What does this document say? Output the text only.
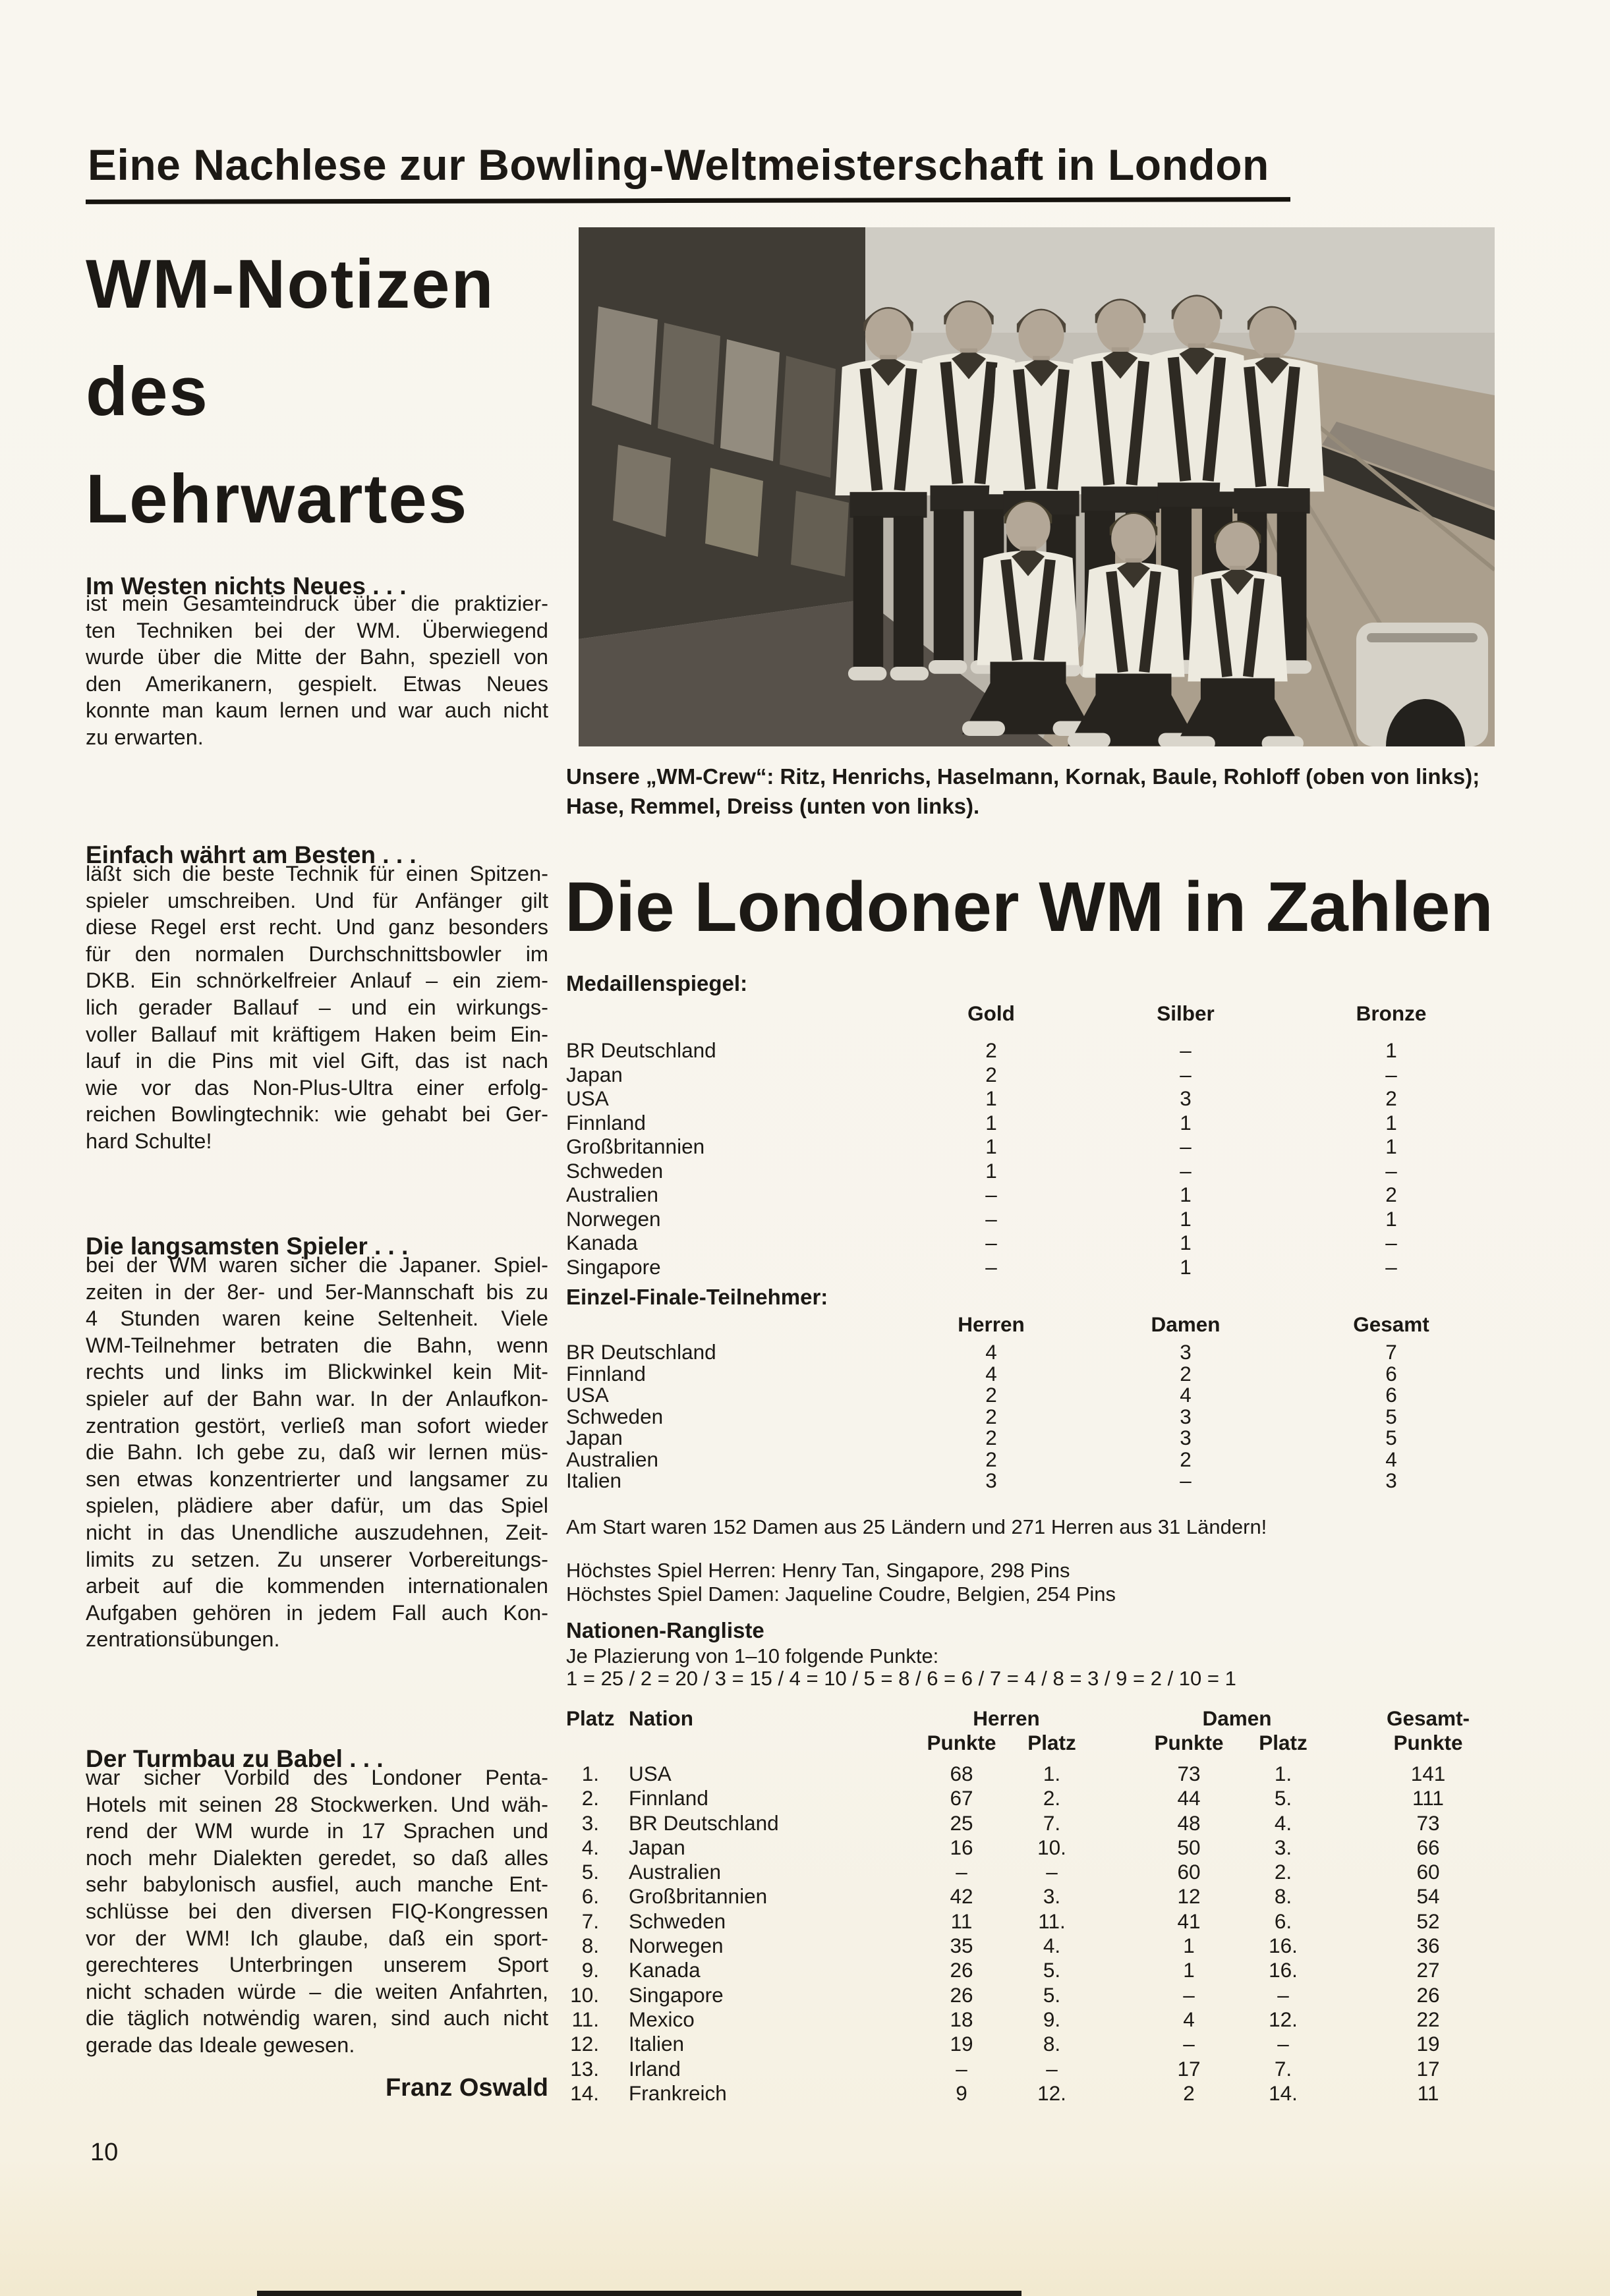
Eine Nachlese zur Bowling-Weltmeisterschaft in London
WM-Notizen
des
Lehrwartes
Im Westen nichts Neues . . .
ist mein Gesamteindruck über die praktizier-
ten Techniken bei der WM. Überwiegend
wurde über die Mitte der Bahn, speziell von
den Amerikanern, gespielt. Etwas Neues
konnte man kaum lernen und war auch nicht
zu erwarten.
Einfach währt am Besten . . .
läßt sich die beste Technik für einen Spitzen-
spieler umschreiben. Und für Anfänger gilt
diese Regel erst recht. Und ganz besonders
für den normalen Durchschnittsbowler im
DKB. Ein schnörkelfreier Anlauf – ein ziem-
lich gerader Ballauf – und ein wirkungs-
voller Ballauf mit kräftigem Haken beim Ein-
lauf in die Pins mit viel Gift, das ist nach
wie vor das Non-Plus-Ultra einer erfolg-
reichen Bowlingtechnik: wie gehabt bei Ger-
hard Schulte!
Die langsamsten Spieler . . .
bei der WM waren sicher die Japaner. Spiel-
zeiten in der 8er- und 5er-Mannschaft bis zu
4 Stunden waren keine Seltenheit. Viele
WM-Teilnehmer betraten die Bahn, wenn
rechts und links im Blickwinkel kein Mit-
spieler auf der Bahn war. In der Anlaufkon-
zentration gestört, verließ man sofort wieder
die Bahn. Ich gebe zu, daß wir lernen müs-
sen etwas konzentrierter und langsamer zu
spielen, plädiere aber dafür, um das Spiel
nicht in das Unendliche auszudehnen, Zeit-
limits zu setzen. Zu unserer Vorbereitungs-
arbeit auf die kommenden internationalen
Aufgaben gehören in jedem Fall auch Kon-
zentrationsübungen.
Der Turmbau zu Babel . . .
war sicher Vorbild des Londoner Penta-
Hotels mit seinen 28 Stockwerken. Und wäh-
rend der WM wurde in 17 Sprachen und
noch mehr Dialekten geredet, so daß alles
sehr babylonisch ausfiel, auch manche Ent-
schlüsse bei den diversen FIQ-Kongressen
vor der WM! Ich glaube, daß ein sport-
gerechteres Unterbringen unserem Sport
nicht schaden würde – die weiten Anfahrten,
die täglich notwėndig waren, sind auch nicht
gerade das Ideale gewesen.
Franz Oswald
10
Unsere „WM-Crew“: Ritz, Henrichs, Haselmann, Kornak, Baule, Rohloff (oben von links);
Hase, Remmel, Dreiss (unten von links).
Die Londoner WM in Zahlen
Medaillenspiegel:
Gold	Silber	Bronze
BR Deutschland	2	–	1
Japan	2	–	–
USA	1	3	2
Finnland	1	1	1
Großbritannien	1	–	1
Schweden	1	–	–
Australien	–	1	2
Norwegen	–	1	1
Kanada	–	1	–
Singapore	–	1	–
Einzel-Finale-Teilnehmer:
Herren	Damen	Gesamt
BR Deutschland	4	3	7
Finnland	4	2	6
USA	2	4	6
Schweden	2	3	5
Japan	2	3	5
Australien	2	2	4
Italien	3	–	3
Am Start waren 152 Damen aus 25 Ländern und 271 Herren aus 31 Ländern!
Höchstes Spiel Herren: Henry Tan, Singapore, 298 Pins
Höchstes Spiel Damen: Jaqueline Coudre, Belgien, 254 Pins
Nationen-Rangliste
Je Plazierung von 1–10 folgende Punkte:
1 = 25 / 2 = 20 / 3 = 15 / 4 = 10 / 5 = 8 / 6 = 6 / 7 = 4 / 8 = 3 / 9 = 2 / 10 = 1
Platz Nation	Herren	Damen	Gesamt-
Punkte	Platz	Punkte	Platz	Punkte
1. USA	68	1.	73	1.	141
2. Finnland	67	2.	44	5.	111
3. BR Deutschland	25	7.	48	4.	73
4. Japan	16	10.	50	3.	66
5. Australien	–	–	60	2.	60
6. Großbritannien	42	3.	12	8.	54
7. Schweden	11	11.	41	6.	52
8. Norwegen	35	4.	1	16.	36
9. Kanada	26	5.	1	16.	27
10. Singapore	26	5.	–	–	26
11. Mexico	18	9.	4	12.	22
12. Italien	19	8.	–	–	19
13. Irland	–	–	17	7.	17
14. Frankreich	9	12.	2	14.	11
